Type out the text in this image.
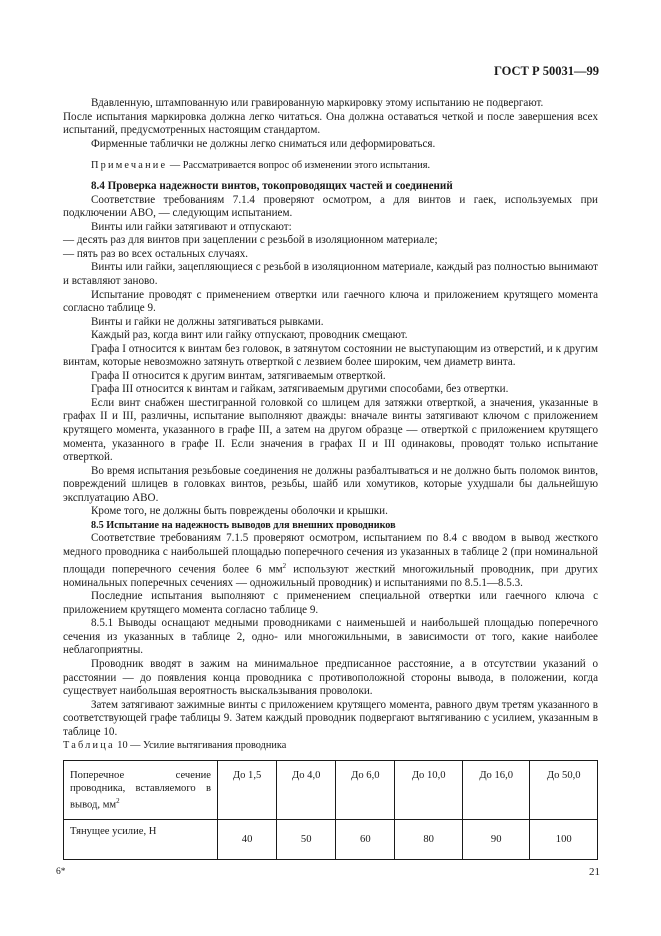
ГОСТ Р 50031—99

Вдавленную, штампованную или гравированную маркировку этому испытанию не подвергают.

После испытания маркировка должна легко читаться. Она должна оставаться четкой и после завершения всех испытаний, предусмотренных настоящим стандартом.

Фирменные таблички не должны легко сниматься или деформироваться.

Примечание — Рассматривается вопрос об изменении этого испытания.

8.4 Проверка надежности винтов, токопроводящих частей и соединений

Соответствие требованиям 7.1.4 проверяют осмотром, а для винтов и гаек, используемых при подключении АВО, — следующим испытанием.

Винты или гайки затягивают и отпускают:

— десять раз для винтов при зацеплении с резьбой в изоляционном материале;

— пять раз во всех остальных случаях.

Винты или гайки, зацепляющиеся с резьбой в изоляционном материале, каждый раз полностью вынимают и вставляют заново.

Испытание проводят с применением отвертки или гаечного ключа и приложением крутящего момента согласно таблице 9.

Винты и гайки не должны затягиваться рывками.

Каждый раз, когда винт или гайку отпускают, проводник смещают.

Графа I относится к винтам без головок, в затянутом состоянии не выступающим из отверстий, и к другим винтам, которые невозможно затянуть отверткой с лезвием более широким, чем диаметр винта.

Графа II относится к другим винтам, затягиваемым отверткой.

Графа III относится к винтам и гайкам, затягиваемым другими способами, без отвертки.

Если винт снабжен шестигранной головкой со шлицем для затяжки отверткой, а значения, указанные в графах II и III, различны, испытание выполняют дважды: вначале винты затягивают ключом с приложением крутящего момента, указанного в графе III, а затем на другом образце — отверткой с приложением крутящего момента, указанного в графе II. Если значения в графах II и III одинаковы, проводят только испытание отверткой.

Во время испытания резьбовые соединения не должны разбалтываться и не должно быть поломок винтов, повреждений шлицев в головках винтов, резьбы, шайб или хомутиков, которые ухудшали бы дальнейшую эксплуатацию АВО.

Кроме того, не должны быть повреждены оболочки и крышки.

8.5 Испытание на надежность выводов для внешних проводников

Соответствие требованиям 7.1.5 проверяют осмотром, испытанием по 8.4 с вводом в вывод жесткого медного проводника с наибольшей площадью поперечного сечения из указанных в таблице 2 (при номинальной площади поперечного сечения более 6 $мм^2$ используют жесткий многожильный проводник, при других номинальных поперечных сечениях — одножильный проводник) и испытаниями по 8.5.1—8.5.3.

Последние испытания выполняют с применением специальной отвертки или гаечного ключа с приложением крутящего момента согласно таблице 9.

8.5.1 Выводы оснащают медными проводниками с наименьшей и наибольшей площадью поперечного сечения из указанных в таблице 2, одно- или многожильными, в зависимости от того, какие наиболее неблагоприятны.

Проводник вводят в зажим на минимальное предписанное расстояние, а в отсутствии указаний о расстоянии — до появления конца проводника с противоположной стороны вывода, в положении, когда существует наибольшая вероятность выскальзывания проволоки.

Затем затягивают зажимные винты с приложением крутящего момента, равного двум третям указанного в соответствующей графе таблицы 9. Затем каждый проводник подвергают вытягиванию с усилием, указанным в таблице 10.

Таблица 10 — Усилие вытягивания проводника
Поперечное сечение проводника, вставляемого в вывод, $мм^2$	До 1,5	До 4,0	До 6,0	До 10,0	До 16,0	До 50,0
Тянущее усилие, Н	40	50	60	80	90	100
6*	21
